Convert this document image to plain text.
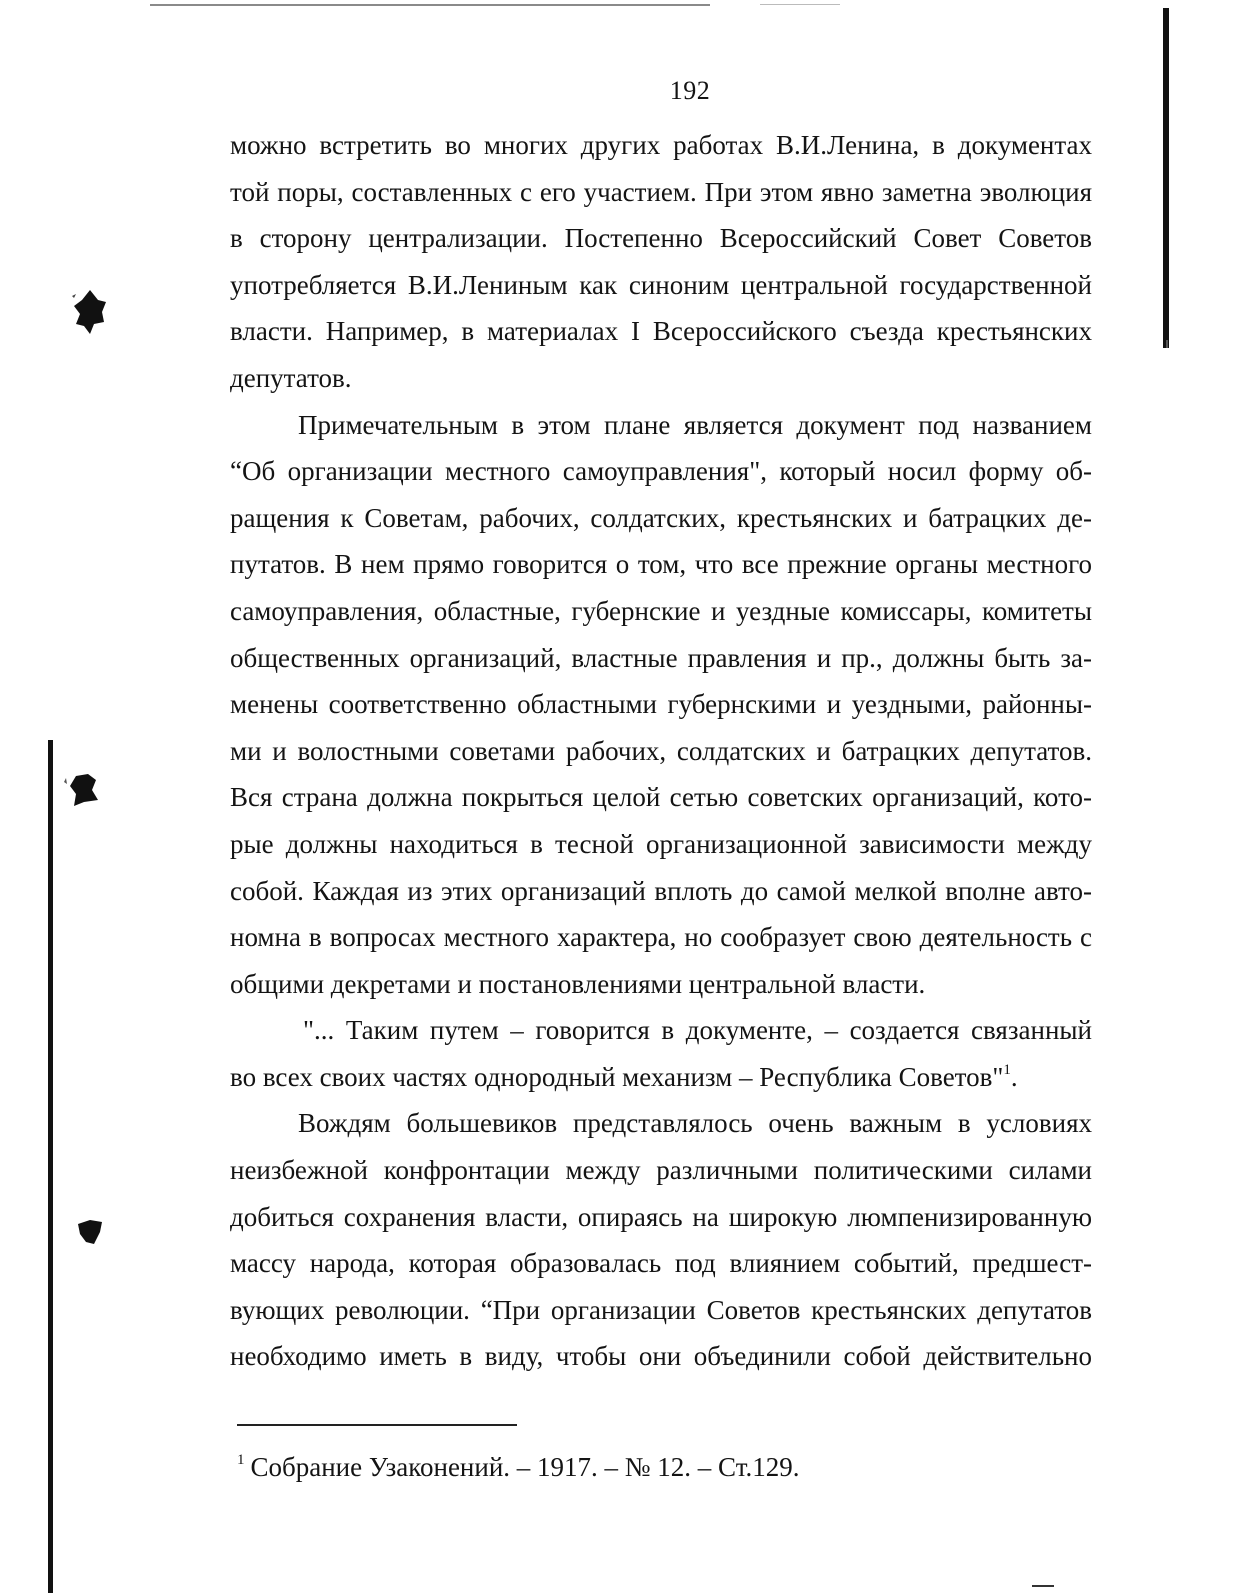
192

можно встретить во многих других работах В.И.Ленина, в документах
той поры, составленных с его участием. При этом явно заметна эволюция
в сторону централизации. Постепенно Всероссийский Совет Советов
употребляется В.И.Лениным как синоним центральной государственной
власти. Например, в материалах I Всероссийского съезда крестьянских
депутатов.

Примечательным в этом плане является документ под названием
“Об организации местного самоуправления", который носил форму об-
ращения к Советам, рабочих, солдатских, крестьянских и батрацких де-
путатов. В нем прямо говорится о том, что все прежние органы местного
самоуправления, областные, губернские и уездные комиссары, комитеты
общественных организаций, властные правления и пр., должны быть за-
менены соответственно областными губернскими и уездными, районны-
ми и волостными советами рабочих, солдатских и батрацких депутатов.
Вся страна должна покрыться целой сетью советских организаций, кото-
рые должны находиться в тесной организационной зависимости между
собой. Каждая из этих организаций вплоть до самой мелкой вполне авто-
номна в вопросах местного характера, но сообразует свою деятельность с
общими декретами и постановлениями центральной власти.

"... Таким путем – говорится в документе, – создается связанный
во всех своих частях однородный механизм – Республика Советов"$^1$.

Вождям большевиков представлялось очень важным в условиях
неизбежной конфронтации между различными политическими силами
добиться сохранения власти, опираясь на широкую люмпенизированную
массу народа, которая образовалась под влиянием событий, предшест-
вующих революции. “При организации Советов крестьянских депутатов
необходимо иметь в виду, чтобы они объединили собой действительно

$^1$ Собрание Узаконений. – 1917. – № 12. – Ст.129.
